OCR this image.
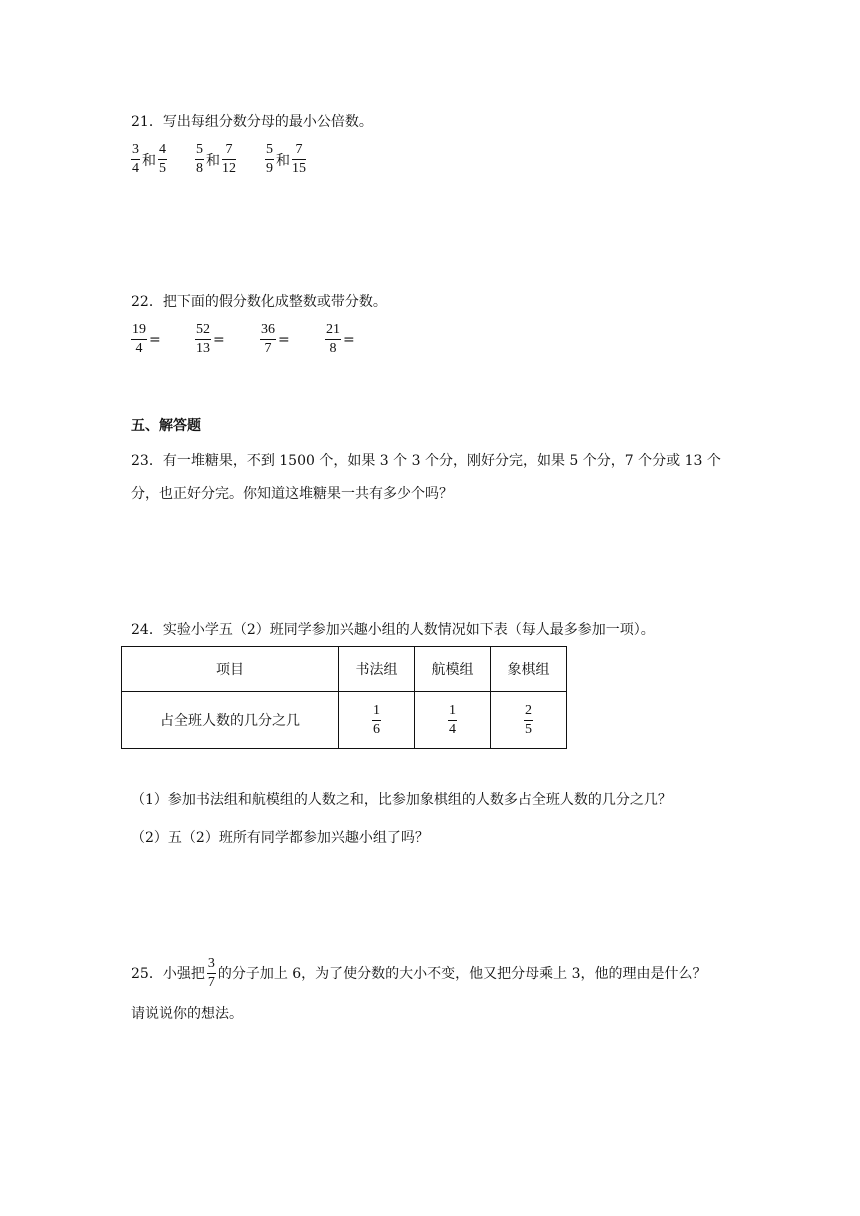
21．写出每组分数分母的最小公倍数。
$\frac{3}{4}$ 和 $\frac{4}{5} \frac{5}{8}$ 和 $\frac{7}{12} \frac{5}{9}$ 和 $\frac{7}{15}$
22．把下面的假分数化成整数或带分数。
$\frac{19}{4} = \frac{52}{13}$ =	$\frac{36}{7}$ =	$\frac{21}{8}$ =
五、解答题
23．有一堆糖果，不到 1500 个，如果 3 个 3 个分，刚好分完，如果 5 个分，7 个分或 13 个
分，也正好分完。你知道这堆糖果一共有多少个吗？
24．实验小学五（2）班同学参加兴趣小组的人数情况如下表（每人最多参加一项）。
项目	书法组	航模组	象棋组
占全班人数的几分之几	$\frac{1}{6}$	$\frac{1}{4}$	$\frac{2}{5}$
（1）参加书法组和航模组的人数之和，比参加象棋组的人数多占全班人数的几分之几？
（2）五（2）班所有同学都参加兴趣小组了吗？
25．小强把 $\frac{3}{7}$ 的分子加上 6，为了使分数的大小不变，他又把分母乘上 3，他的理由是什么？
请说说你的想法。
